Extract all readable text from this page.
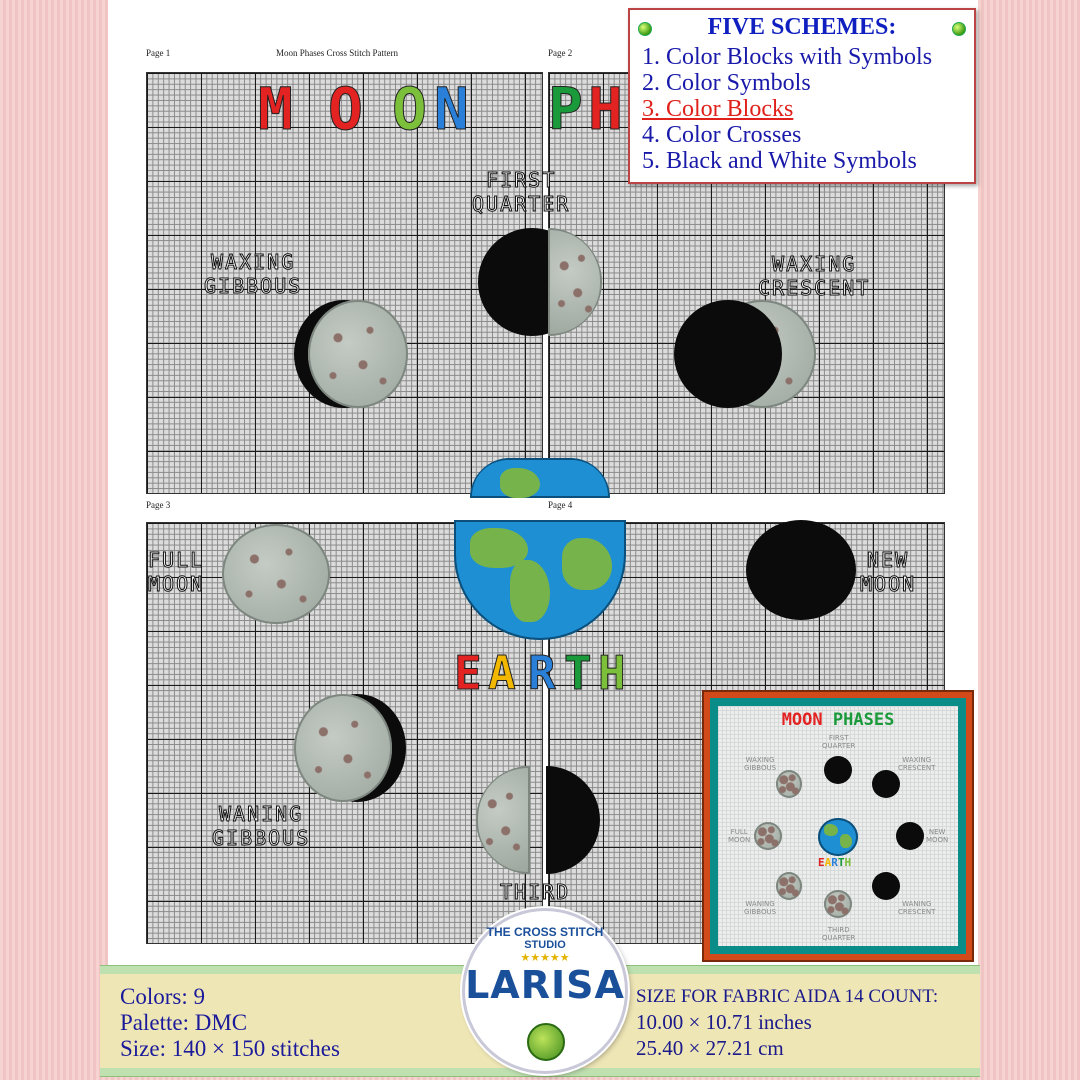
Page 1	Moon Phases Cross Stitch Pattern	Page 2
Page 3	Page 4
M O O N P H
WAXING
GIBBOUS
FIRST
QUARTER
WAXING
CRESCENT
FULL
MOON
NEW
MOON
WANING
GIBBOUS
THIRD
E A R T H
FIVE SCHEMES:
1. Color Blocks with Symbols
2. Color Symbols
3. Color Blocks
4. Color Crosses
5. Black and White Symbols
MOON PHASES
FIRST
QUARTER
WAXING
GIBBOUS
WAXING
CRESCENT
FULL
MOON
NEW
MOON
WANING
GIBBOUS
WANING
CRESCENT
THIRD
QUARTER
EARTH
Colors: 9
Palette: DMC
Size: 140 × 150 stitches
SIZE FOR FABRIC AIDA 14 COUNT:
10.00 × 10.71 inches
25.40 × 27.21 cm
THE CROSS STITCH
STUDIO
★★★★★
LARISA
